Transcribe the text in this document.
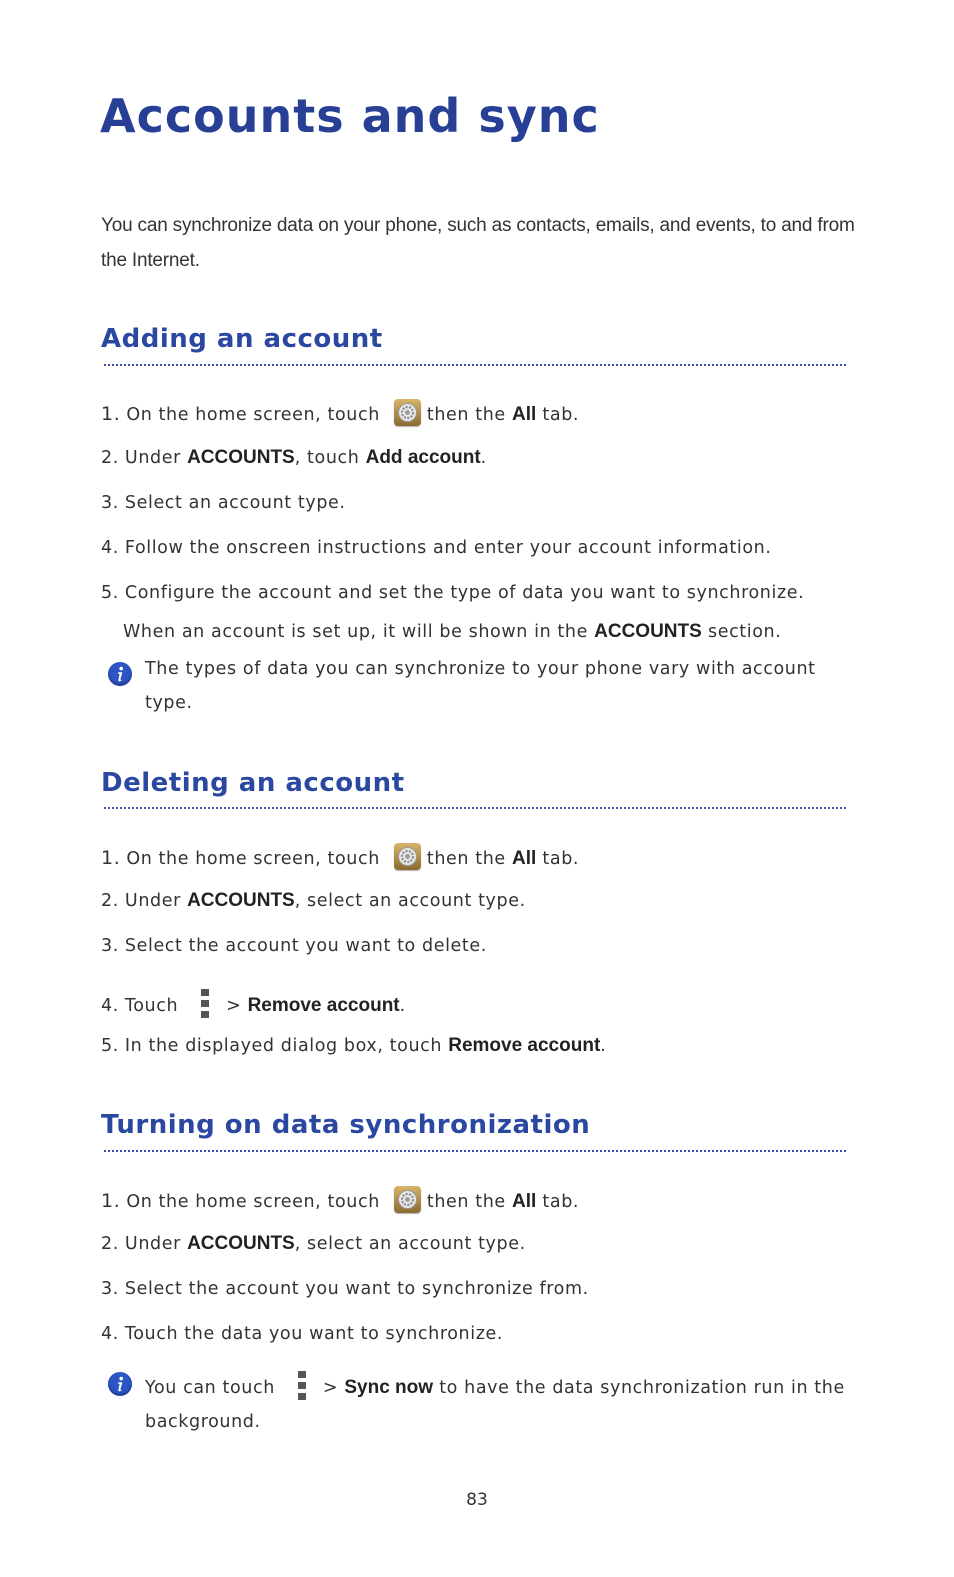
Accounts and sync

You can synchronize data on your phone, such as contacts, emails, and events, to and from the Internet.

Adding an account

1. On the home screen, touch	then the All tab.

2. Under ACCOUNTS, touch Add account.

3. Select an account type.

4. Follow the onscreen instructions and enter your account information.

5. Configure the account and set the type of data you want to synchronize.

When an account is set up, it will be shown in the ACCOUNTS section.

The types of data you can synchronize to your phone vary with account type.

Deleting an account

1. On the home screen, touch	then the All tab.

2. Under ACCOUNTS, select an account type.

3. Select the account you want to delete.

4. Touch	> Remove account.

5. In the displayed dialog box, touch Remove account.

Turning on data synchronization

1. On the home screen, touch	then the All tab.

2. Under ACCOUNTS, select an account type.

3. Select the account you want to synchronize from.

4. Touch the data you want to synchronize.

You can touch	> Sync now to have the data synchronization run in the background.

83
